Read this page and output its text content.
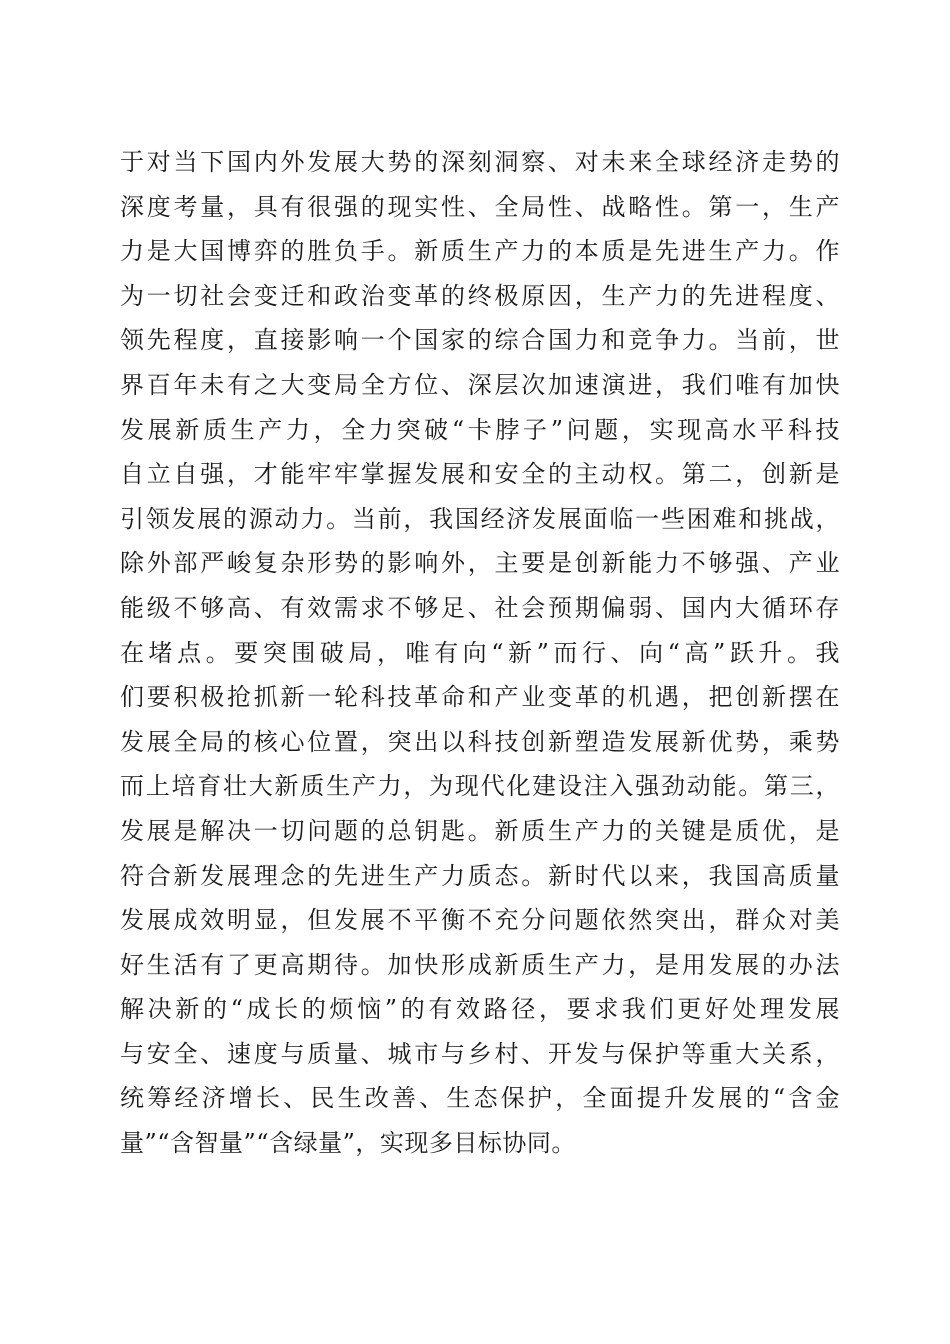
于对当下国内外发展大势的深刻洞察、对未来全球经济走势的
深度考量，具有很强的现实性、全局性、战略性。第一，生产
力是大国博弈的胜负手。新质生产力的本质是先进生产力。作
为一切社会变迁和政治变革的终极原因，生产力的先进程度、
领先程度，直接影响一个国家的综合国力和竞争力。当前，世
界百年未有之大变局全方位、深层次加速演进，我们唯有加快
发展新质生产力，全力突破“卡脖子”问题，实现高水平科技
自立自强，才能牢牢掌握发展和安全的主动权。第二，创新是
引领发展的源动力。当前，我国经济发展面临一些困难和挑战，
除外部严峻复杂形势的影响外，主要是创新能力不够强、产业
能级不够高、有效需求不够足、社会预期偏弱、国内大循环存
在堵点。要突围破局，唯有向“新”而行、向“高”跃升。我
们要积极抢抓新一轮科技革命和产业变革的机遇，把创新摆在
发展全局的核心位置，突出以科技创新塑造发展新优势，乘势
而上培育壮大新质生产力，为现代化建设注入强劲动能。第三，
发展是解决一切问题的总钥匙。新质生产力的关键是质优，是
符合新发展理念的先进生产力质态。新时代以来，我国高质量
发展成效明显，但发展不平衡不充分问题依然突出，群众对美
好生活有了更高期待。加快形成新质生产力，是用发展的办法
解决新的“成长的烦恼”的有效路径，要求我们更好处理发展
与安全、速度与质量、城市与乡村、开发与保护等重大关系，
统筹经济增长、民生改善、生态保护，全面提升发展的“含金
量”“含智量”“含绿量”，实现多目标协同。
